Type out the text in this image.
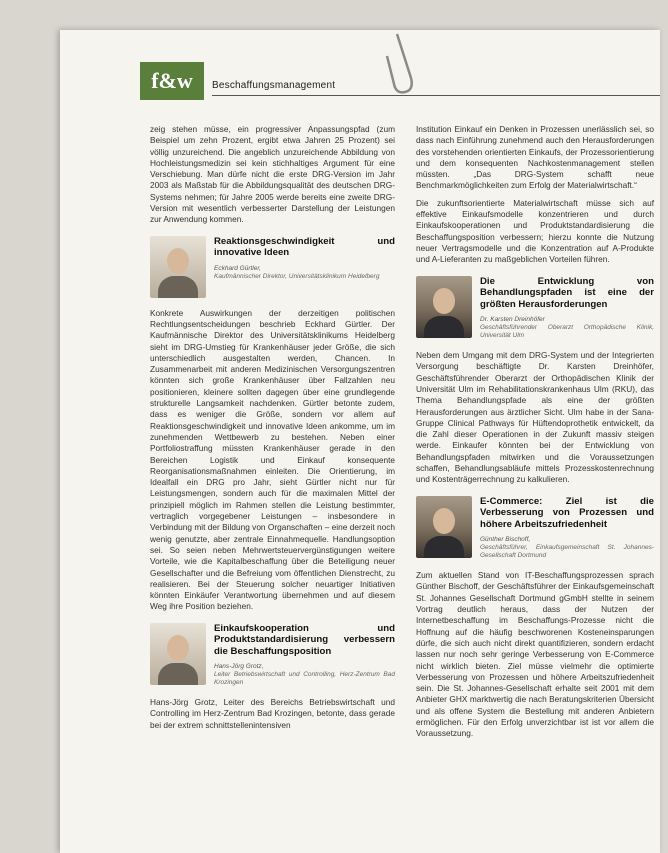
f&w	Beschaffungsmanagement

zeig stehen müsse, ein progressiver Anpassungspfad (zum Beispiel um zehn Prozent, ergibt etwa Jahren 25 Prozent) sei völlig unzureichend. Die angeblich unzureichende Abbildung von Hochleistungsmedizin sei kein stichhaltiges Argument für eine Verschiebung. Man dürfe nicht die erste DRG-Version im Jahr 2003 als Maßstab für die Abbildungsqualität des deutschen DRG-Systems nehmen; für Jahre 2005 werde bereits eine zweite DRG-Version mit wesentlich verbesserter Darstellung der Leistungen zur Anwendung kommen.

Reaktionsgeschwindigkeit und innovative Ideen
Eckhard Gürtler,
Kaufmännischer Direktor, Universitätsklinikum Heidelberg

Konkrete Auswirkungen der derzeitigen politischen Rechtlungsentscheidungen beschrieb Eckhard Gürtler. Der Kaufmännische Direktor des Universitätsklinikums Heidelberg sieht im DRG-Umstieg für Krankenhäuser jeder Größe, die sich unterschiedlich ausgestalten werden, Chancen. In Zusammenarbeit mit anderen Medizinischen Versorgungszentren könnten sich große Krankenhäuser über Fallzahlen neu positionieren, kleinere sollten dagegen über eine grundlegende strukturelle Langsamkeit nachdenken. Gürtler betonte zudem, dass es weniger die Größe, sondern vor allem auf Reaktionsgeschwindigkeit und innovative Ideen ankomme, um im zunehmenden Wettbewerb zu bestehen. Neben einer Portfoliostraffung müssten Krankenhäuser gerade in den Bereichen Logistik und Einkauf konsequente Reorganisationsmaßnahmen einleiten. Die Orientierung, im Idealfall ein DRG pro Jahr, sieht Gürtler nicht nur für Leistungsmengen, sondern auch für die maximalen Mittel der prinzipiell möglich im Rahmen stellen die Leistung bestimmter, vertraglich vorgegebener Leistungen – insbesondere in Verbindung mit der Bildung von Organschaften – eine derzeit noch wenig genutzte, aber zentrale Einnahmequelle. Handlungsoption sei. So seien neben Mehrwertsteuervergünstigungen weitere Vorteile, wie die Kapitalbeschaffung über die Beteiligung neuer Gesellschafter und die Befreiung vom öffentlichen Dienstrecht, zu realisieren. Bei der Steuerung solcher neuartiger Initiativen könnten Einkäufer Verantwortung übernehmen und auf diesem Weg ihre Position beziehen.

Einkaufskooperation und Produktstandardisierung verbessern die Beschaffungsposition
Hans-Jörg Grotz,
Leiter Betriebswirtschaft und Controlling, Herz-Zentrum Bad Krozingen

Hans-Jörg Grotz, Leiter des Bereichs Betriebswirtschaft und Controlling im Herz-Zentrum Bad Krozingen, betonte, dass gerade bei der extrem schnittstellenintensiven

Institution Einkauf ein Denken in Prozessen unerlässlich sei, so dass nach Einführung zunehmend auch den Herausforderungen des vorstehenden orientierten Einkaufs, der Prozessorientierung und dem konsequenten Nachkostenmanagement stellen müssten. „Das DRG-System schafft neue Benchmarkmöglichkeiten zum Erfolg der Materialwirtschaft.“

Die zukunftsorientierte Materialwirtschaft müsse sich auf effektive Einkaufsmodelle konzentrieren und durch Einkaufskooperationen und Produktstandardisierung die Beschaffungsposition verbessern; hierzu konnte die Nutzung neuer Vertragsmodelle und die Konzentration auf A-Produkte und A-Lieferanten zu maßgeblichen Vorteilen führen.

Die Entwicklung von Behandlungspfaden ist eine der größten Herausforderungen
Dr. Karsten Dreinhöfer
Geschäftsführender Oberarzt Orthopädische Klinik, Universität Ulm

Neben dem Umgang mit dem DRG-System und der Integrierten Versorgung beschäftigte Dr. Karsten Dreinhöfer, Geschäftsführender Oberarzt der Orthopädischen Klinik der Universität Ulm im Rehabilitationskrankenhaus Ulm (RKU), das Thema Behandlungspfade als eine der größten Herausforderungen aus ärztlicher Sicht. Ulm habe in der Sana-Gruppe Clinical Pathways für Hüftendoprothetik entwickelt, da die Zahl dieser Operationen in der Zukunft massiv steigen werde. Einkaufer könnten bei der Entwicklung von Behandlungspfaden mitwirken und die Voraussetzungen schaffen, Behandlungsabläufe mittels Prozesskostenrechnung und Kostenträgerrechnung zu kalkulieren.

E-Commerce: Ziel ist die Verbesserung von Prozessen und höhere Arbeitszufriedenheit
Günther Bischoff,
Geschäftsführer, Einkaufsgemeinschaft St. Johannes-Gesellschaft Dortmund

Zum aktuellen Stand von IT-Beschaffungsprozessen sprach Günther Bischoff, der Geschäftsführer der Einkaufsgemeinschaft St. Johannes Gesellschaft Dortmund gGmbH stellte in seinem Vortrag deutlich heraus, dass der Nutzen der Internetbeschaffung im Beschaffungs-Prozesse nicht die Hoffnung auf die häufig beschworenen Kosteneinsparungen dürfe, die sich auch nicht direkt quantifizieren, sondern erdacht lassen nur noch sehr geringe Verbesserung von E-Commerce nicht wirklich bieten. Ziel müsse vielmehr die optimierte Verbesserung von Prozessen und höhere Arbeitszufriedenheit sein. Die St. Johannes-Gesellschaft erhalte seit 2001 mit dem Anbieter GHX marktwertig die nach Beratungskriterien Übersicht und als offene System die Bestellung mit anderen Anbietern ermöglichen. Für den Erfolg unverzichtbar ist ist vor allem die Voraussetzung.
